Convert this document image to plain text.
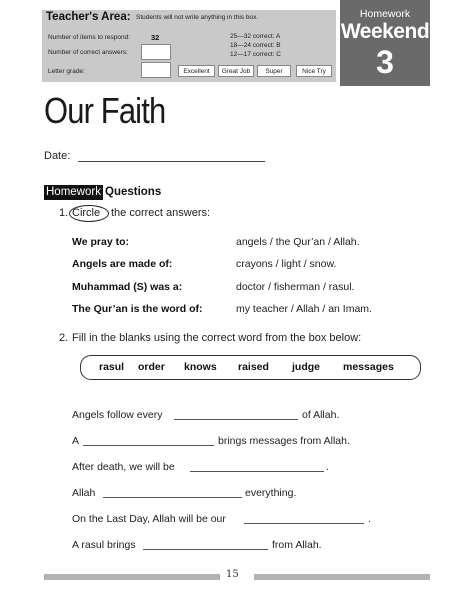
Teacher's Area: Students will not write anything in this box.
Number of items to respond:	32
Number of correct answers:
Letter grade:
25—32 correct: A
18—24 correct: B
12—17 correct: C
Excellent	Great Job	Super	Nice Try
Homework
Weekend
3
Our Faith
Date:
Homework Questions
1. Circle the correct answers:
We pray to:	angels / the Qur’an / Allah.
Angels are made of:	crayons / light / snow.
Muhammad (S) was a:	doctor / fisherman / rasul.
The Qur’an is the word of:	my teacher / Allah / an Imam.
2. Fill in the blanks using the correct word from the box below:
rasul order knows raised judge messages
Angels follow every	of Allah.
A	brings messages from Allah.
After death, we will be	.
Allah	everything.
On the Last Day, Allah will be our	.
A rasul brings	from Allah.
15
